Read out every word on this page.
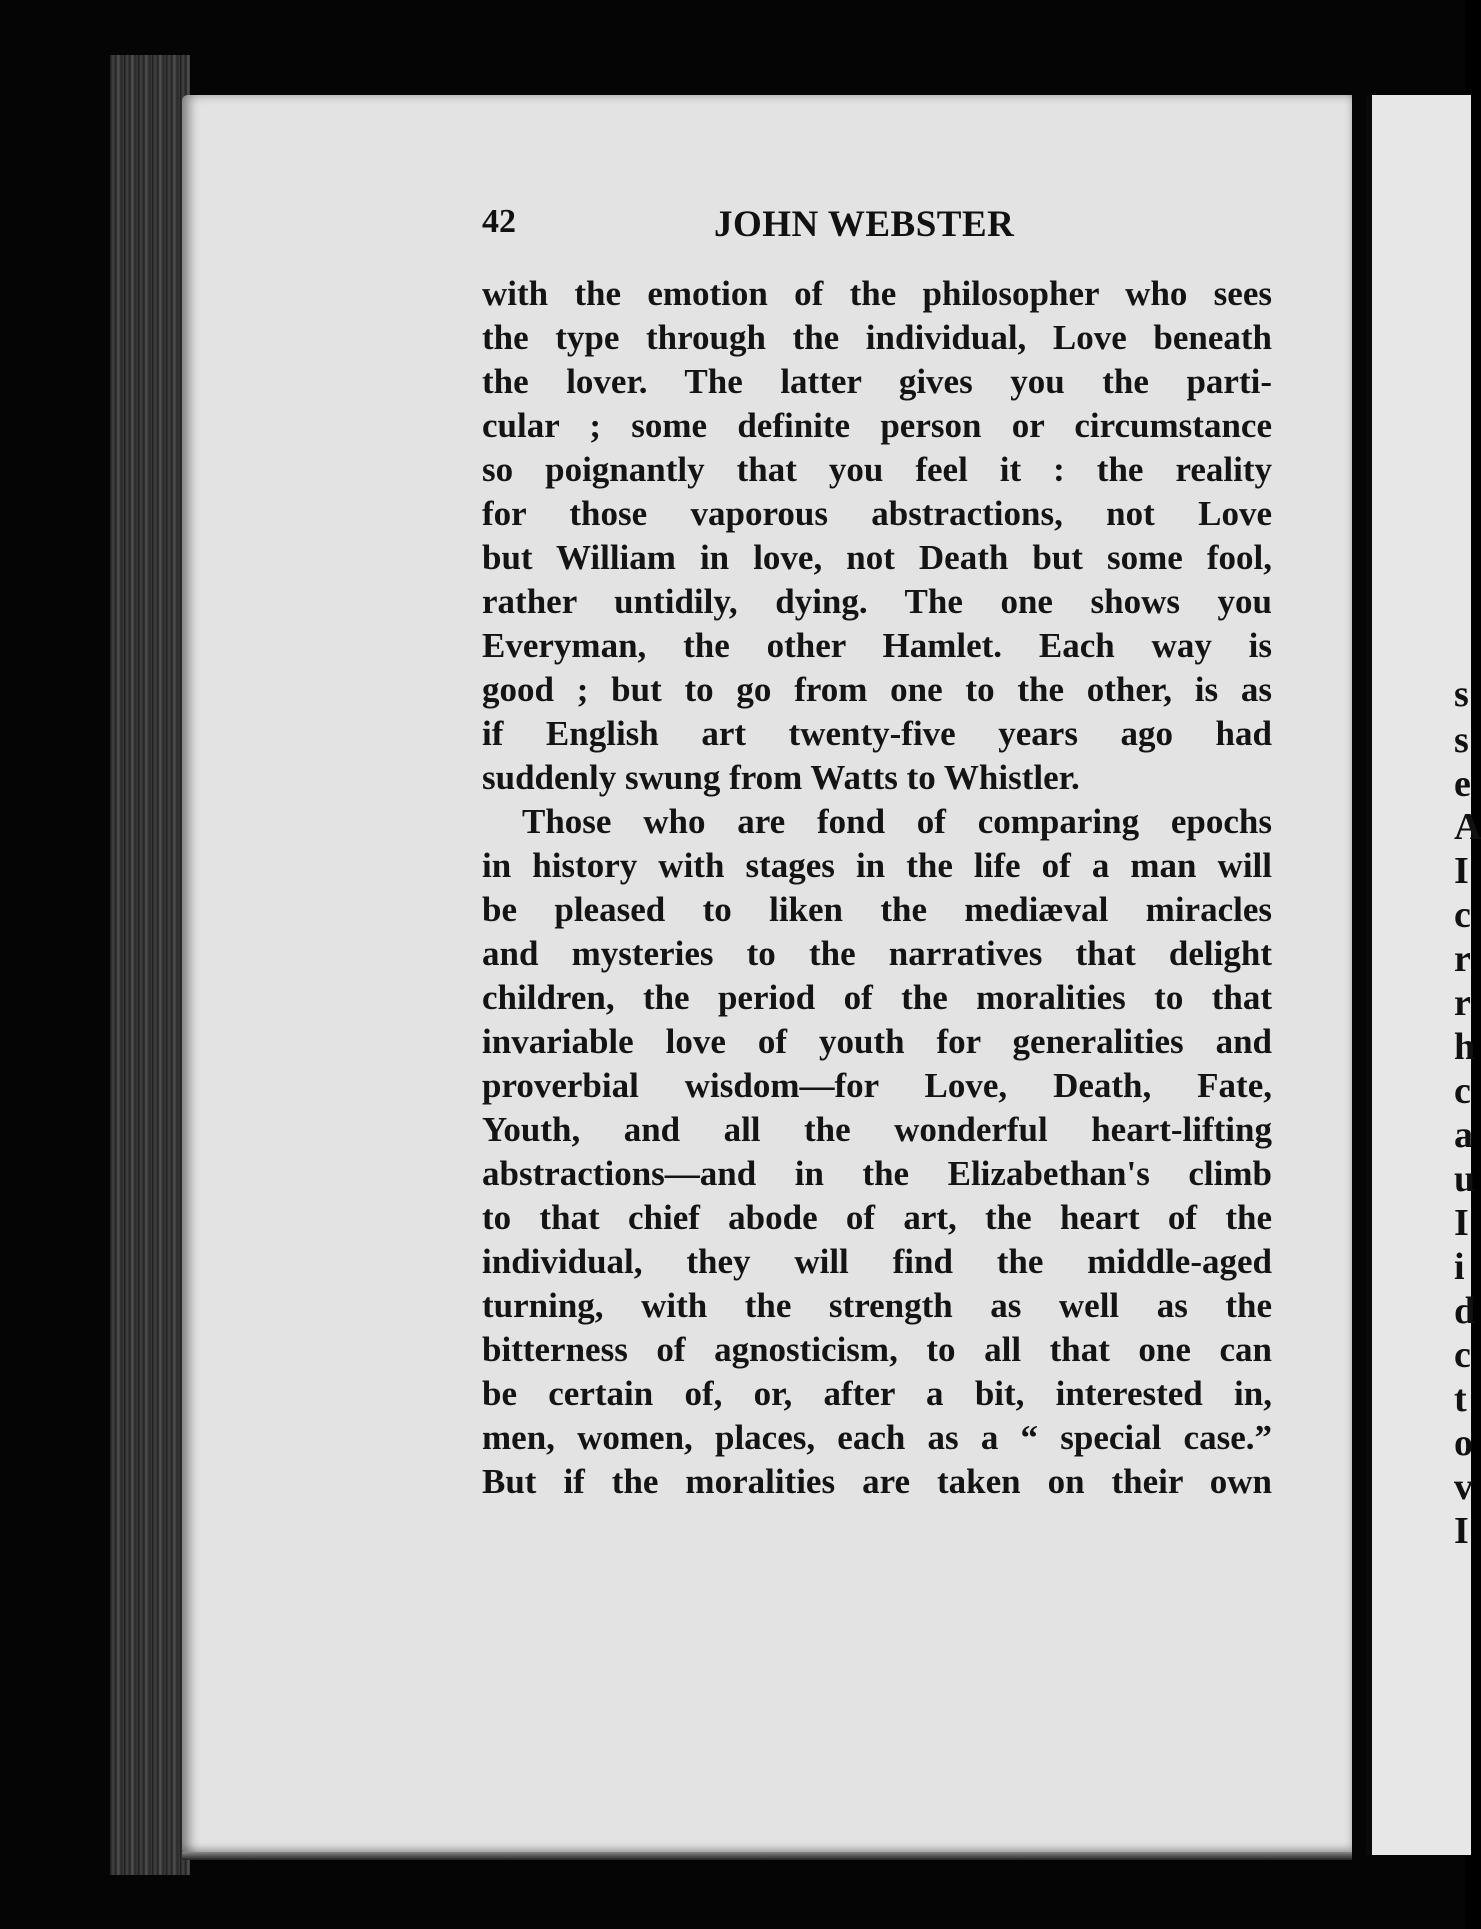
s
s
e
A
I
c
r
r
h
c
a
u
I
i
d
c
t
o
v
I
42	JOHN WEBSTER
with the emotion of the philosopher who sees
the type through the individual, Love beneath
the lover. The latter gives you the parti-
cular ; some definite person or circumstance
so poignantly that you feel it : the reality
for those vaporous abstractions, not Love
but William in love, not Death but some fool,
rather untidily, dying. The one shows you
Everyman, the other Hamlet. Each way is
good ; but to go from one to the other, is as
if English art twenty-five years ago had
suddenly swung from Watts to Whistler.
Those who are fond of comparing epochs
in history with stages in the life of a man will
be pleased to liken the mediæval miracles
and mysteries to the narratives that delight
children, the period of the moralities to that
invariable love of youth for generalities and
proverbial wisdom—for Love, Death, Fate,
Youth, and all the wonderful heart-lifting
abstractions—and in the Elizabethan's climb
to that chief abode of art, the heart of the
individual, they will find the middle-aged
turning, with the strength as well as the
bitterness of agnosticism, to all that one can
be certain of, or, after a bit, interested in,
men, women, places, each as a “ special case.”
But if the moralities are taken on their own
